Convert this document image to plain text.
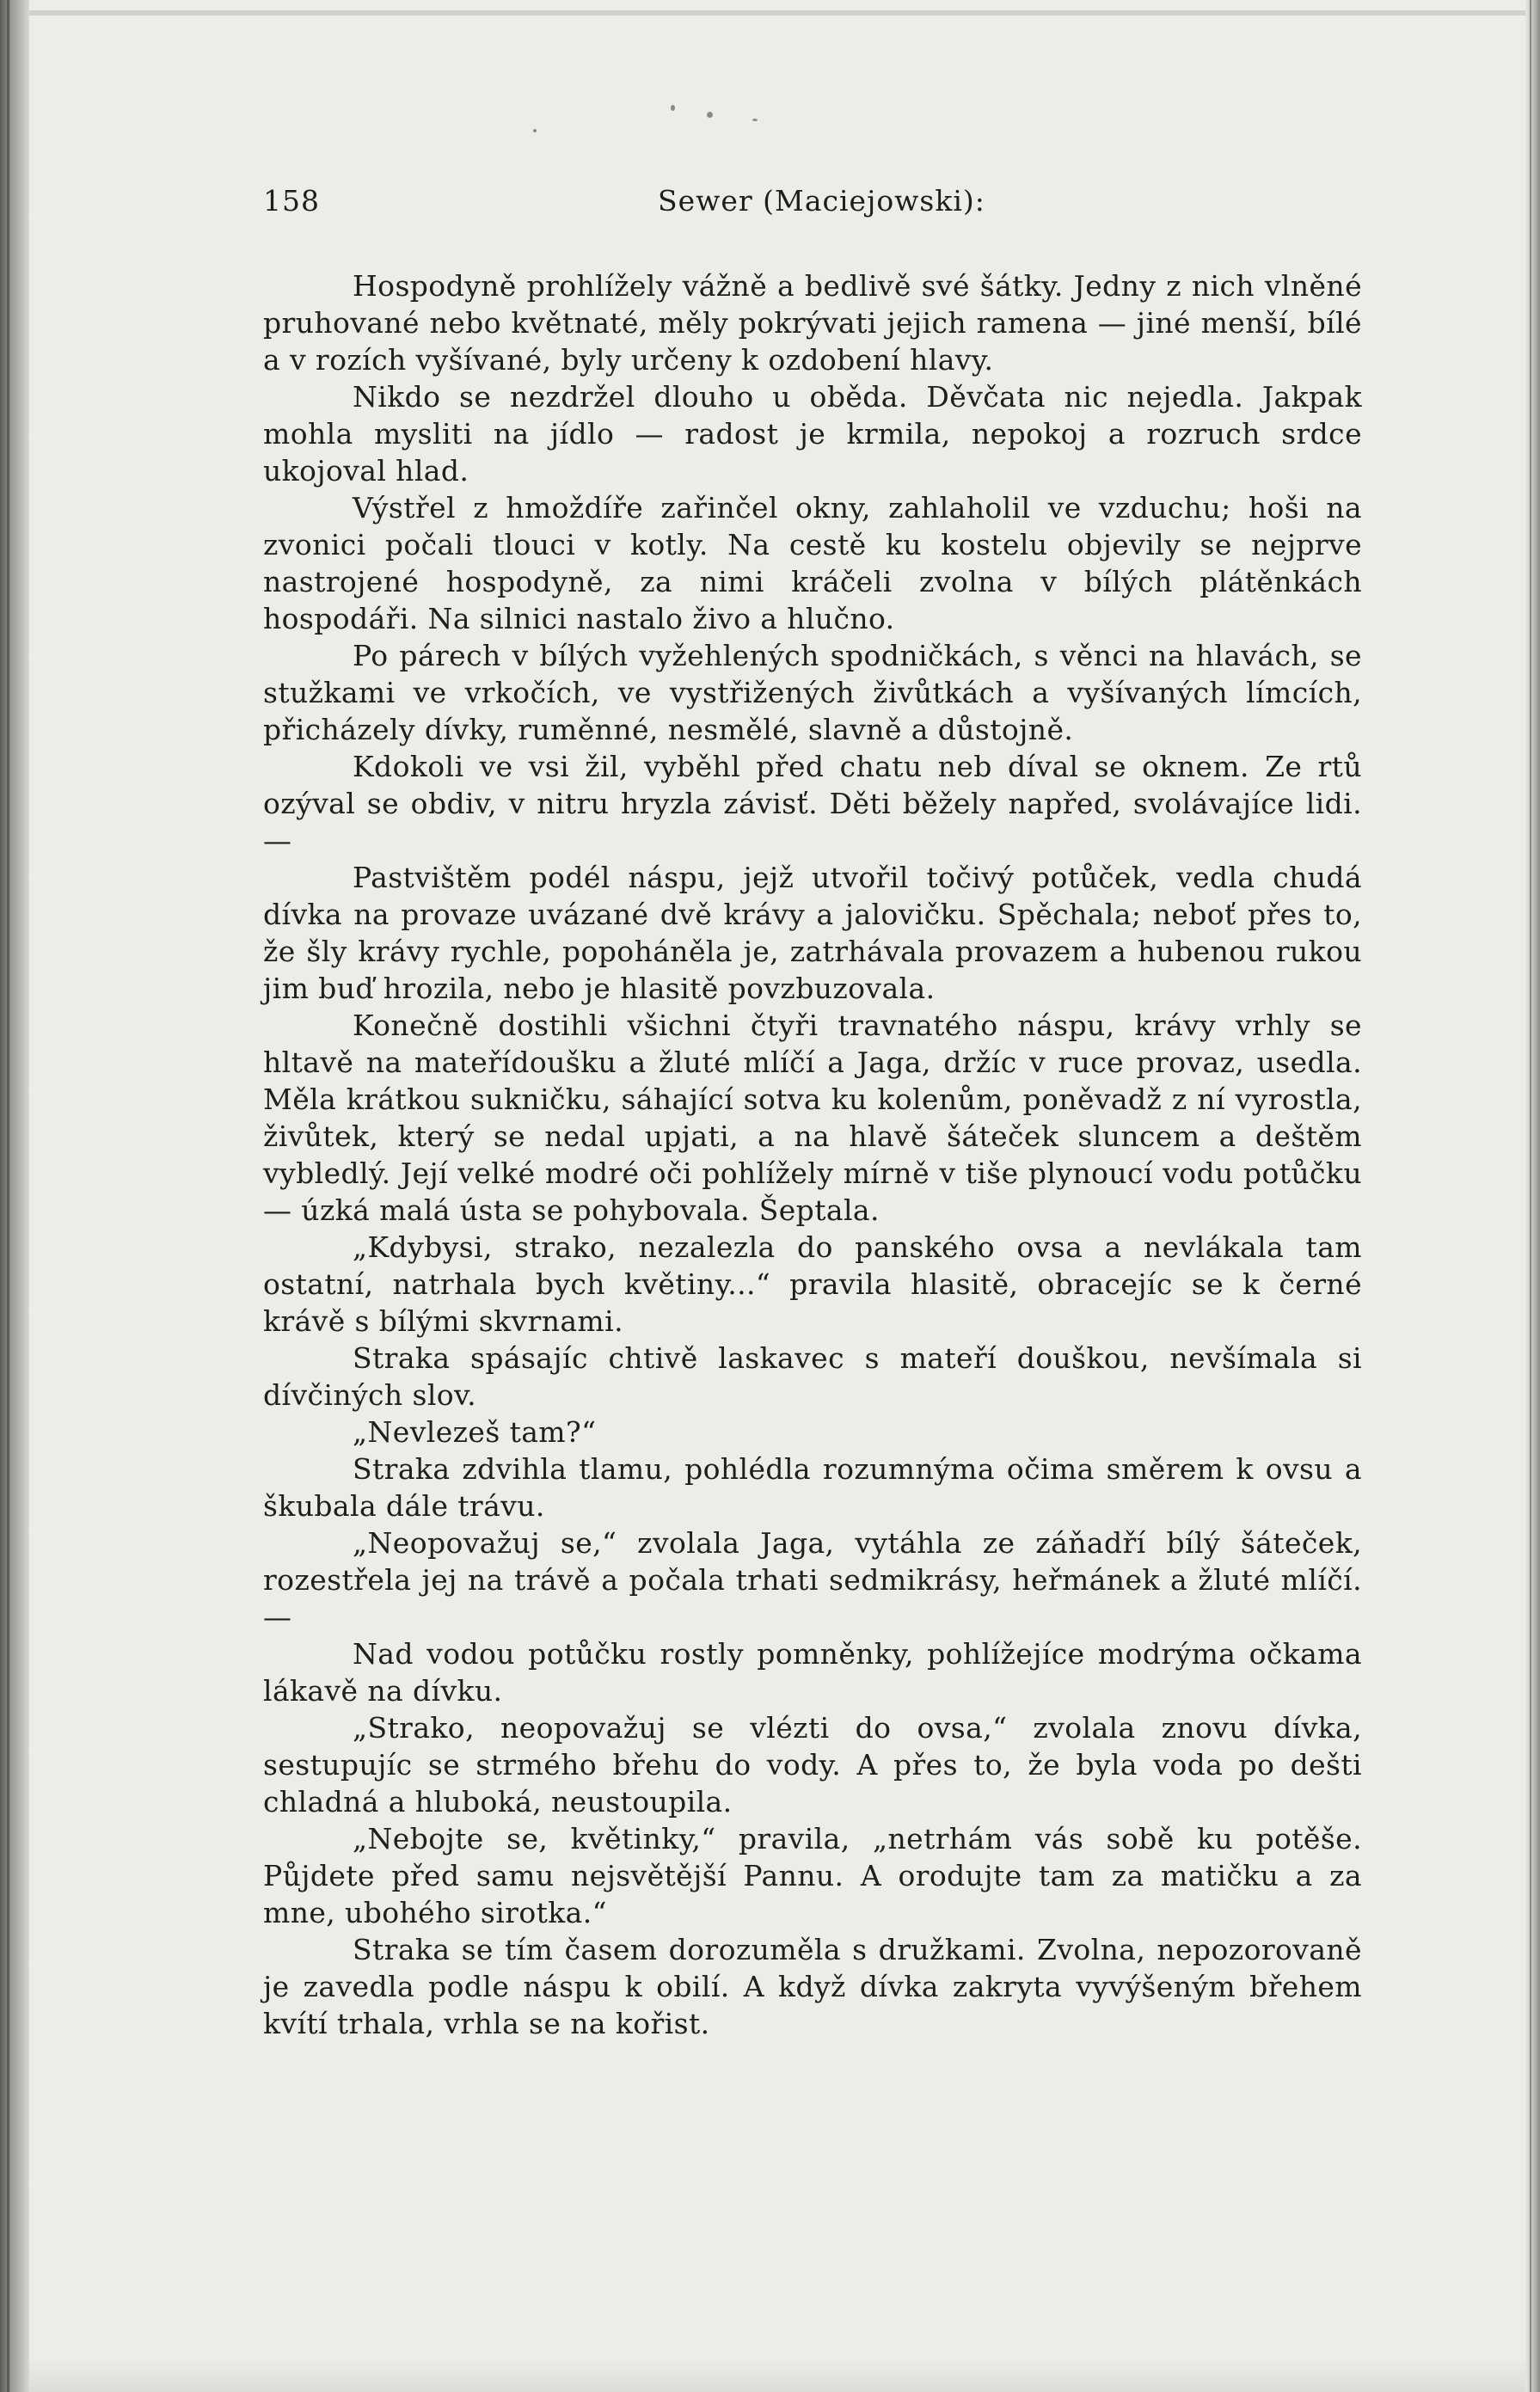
158	Sewer (Maciejowski):

Hospodyně prohlížely vážně a bedlivě své šátky. Jedny z nich vlněné pruhované nebo květnaté, měly pokrývati jejich ramena — jiné menší, bílé a v rozích vyšívané, byly určeny k ozdobení hlavy.

Nikdo se nezdržel dlouho u oběda. Děvčata nic nejedla. Jakpak mohla mysliti na jídlo — radost je krmila, nepokoj a rozruch srdce ukojoval hlad.

Výstřel z hmoždíře zařinčel okny, zahlaholil ve vzduchu; hoši na zvonici počali tlouci v kotly. Na cestě ku kostelu objevily se nejprve nastrojené hospodyně, za nimi kráčeli zvolna v bílých plátěnkách hospodáři. Na silnici nastalo živo a hlučno.

Po párech v bílých vyžehlených spodničkách, s věnci na hlavách, se stužkami ve vrkočích, ve vystřižených živůtkách a vyšívaných límcích, přicházely dívky, ruměnné, nesmělé, slavně a důstojně.

Kdokoli ve vsi žil, vyběhl před chatu neb díval se oknem. Ze rtů ozýval se obdiv, v nitru hryzla závisť. Děti běžely napřed, svolávajíce lidi. —

Pastvištěm podél náspu, jejž utvořil točivý potůček, vedla chudá dívka na provaze uvázané dvě krávy a jalovičku. Spěchala; neboť přes to, že šly krávy rychle, popoháněla je, zatrhávala provazem a hubenou rukou jim buď hrozila, nebo je hlasitě povzbuzovala.

Konečně dostihli všichni čtyři travnatého náspu, krávy vrhly se hltavě na mateřídoušku a žluté mlíčí a Jaga, držíc v ruce provaz, usedla. Měla krátkou sukničku, sáhající sotva ku kolenům, poněvadž z ní vyrostla, živůtek, který se nedal upjati, a na hlavě šáteček sluncem a deštěm vybledlý. Její velké modré oči pohlížely mírně v tiše plynoucí vodu potůčku — úzká malá ústa se pohybovala. Šeptala.

„Kdybysi, strako, nezalezla do panského ovsa a nevlákala tam ostatní, natrhala bych květiny...“ pravila hlasitě, obracejíc se k černé krávě s bílými skvrnami.

Straka spásajíc chtivě laskavec s mateří douškou, nevšímala si dívčiných slov.

„Nevlezeš tam?“

Straka zdvihla tlamu, pohlédla rozumnýma očima směrem k ovsu a škubala dále trávu.

„Neopovažuj se,“ zvolala Jaga, vytáhla ze záňadří bílý šáteček, rozestřela jej na trávě a počala trhati sedmikrásy, heřmánek a žluté mlíčí. —

Nad vodou potůčku rostly pomněnky, pohlížejíce modrýma očkama lákavě na dívku.

„Strako, neopovažuj se vlézti do ovsa,“ zvolala znovu dívka, sestupujíc se strmého břehu do vody. A přes to, že byla voda po dešti chladná a hluboká, neustoupila.

„Nebojte se, květinky,“ pravila, „netrhám vás sobě ku potěše. Půjdete před samu nejsvětější Pannu. A orodujte tam za matičku a za mne, ubohého sirotka.“

Straka se tím časem dorozuměla s družkami. Zvolna, nepozorovaně je zavedla podle náspu k obilí. A když dívka zakryta vyvýšeným břehem kvítí trhala, vrhla se na kořist.
